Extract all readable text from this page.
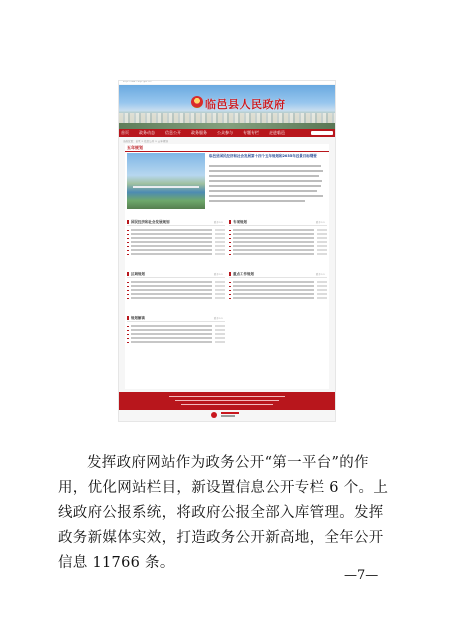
http://www.linyi.gov.cn/
临邑县人民政府
首页	政务动态	信息公开	政务服务	公众参与	专题专栏	走进临邑
当前位置：首页 > 信息公开 > 五年规划
五年规划
临邑县国民经济和社会发展第十四个五年规划和2035年远景目标纲要
国民经济和社会发展规划	更多>>	专项规划	更多>>
区域规划	更多>>	重点工作规划	更多>>
规划解读	更多>>

发挥政府网站作为政务公开“第一平台”的作用，优化网站栏目，新设置信息公开专栏 6 个。上线政府公报系统，将政府公报全部入库管理。发挥政务新媒体实效，打造政务公开新高地，全年公开信息 11766 条。

—7—
